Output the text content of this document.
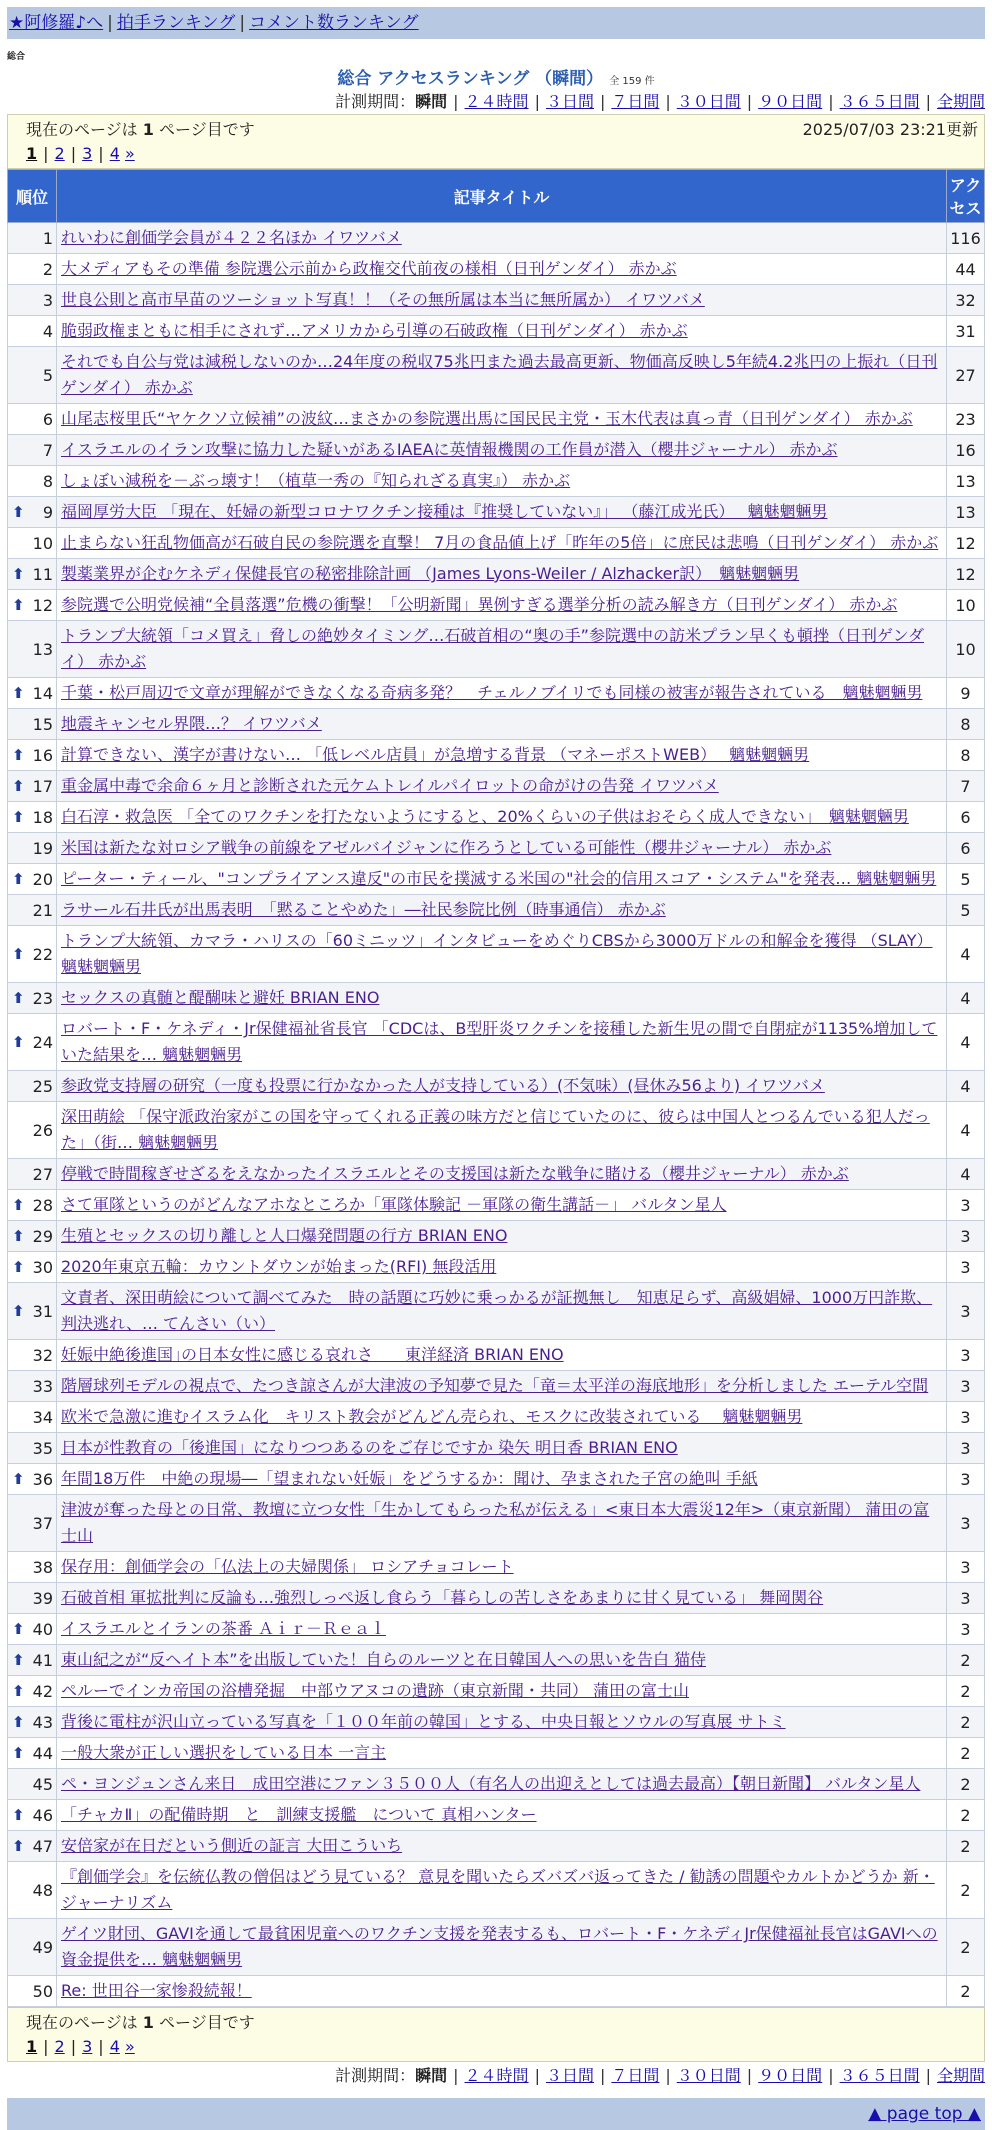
★阿修羅♪へ | 拍手ランキング | コメント数ランキング
総合
総合 アクセスランキング （瞬間） 全 159 件
計測期間：瞬間 | ２４時間 | ３日間 | ７日間 | ３０日間 | ９０日間 | ３６５日間 | 全期間
現在のページは 1 ページ目です	2025/07/03 23:21更新
1 | 2 | 3 | 4 »
順位	記事タイトル	アクセス
1	れいわに創価学会員が４２２名ほか イワツバメ	116
2	大メディアもその準備 参院選公示前から政権交代前夜の様相（日刊ゲンダイ） 赤かぶ	44
3	世良公則と高市早苗のツーショット写真！！（その無所属は本当に無所属か） イワツバメ	32
4	脆弱政権まともに相手にされず…アメリカから引導の石破政権（日刊ゲンダイ） 赤かぶ	31
5	それでも自公与党は減税しないのか…24年度の税収75兆円また過去最高更新、物価高反映し5年続4.2兆円の上振れ（日刊ゲンダイ） 赤かぶ	27
6	山尾志桜里氏“ヤケクソ立候補”の波紋…まさかの参院選出馬に国民民主党・玉木代表は真っ青（日刊ゲンダイ） 赤かぶ	23
7	イスラエルのイラン攻撃に協力した疑いがあるIAEAに英情報機関の工作員が潜入（櫻井ジャーナル） 赤かぶ	16
8	しょぼい減税を－ぶっ壊す！（植草一秀の『知られざる真実』） 赤かぶ	13

⬆ 9	福岡厚労大臣 「現在、妊婦の新型コロナワクチン接種は『推奨していない』」 （藤江成光氏）　 魑魅魍魎男	13
10	止まらない狂乱物価高が石破自民の参院選を直撃！ 7月の食品値上げ「昨年の5倍」に庶民は悲鳴（日刊ゲンダイ） 赤かぶ	12

⬆ 11	製薬業界が企むケネディ保健長官の秘密排除計画 （James Lyons-Weiler / Alzhacker訳）　魑魅魍魎男	12

⬆ 12	参院選で公明党候補“全員落選”危機の衝撃！「公明新聞」異例すぎる選挙分析の読み解き方（日刊ゲンダイ） 赤かぶ	10
13	トランプ大統領「コメ買え」脅しの絶妙タイミング…石破首相の“奥の手”参院選中の訪米プラン早くも頓挫（日刊ゲンダイ） 赤かぶ	10

⬆ 14	千葉・松戸周辺で文章が理解ができなくなる奇病多発？　チェルノブイリでも同様の被害が報告されている　魑魅魍魎男	9
15	地震キャンセル界隈…？ イワツバメ	8

⬆ 16	計算できない、漢字が書けない… 「低レベル店員」が急増する背景 （マネーポストWEB）　 魑魅魍魎男	8

⬆ 17	重金属中毒で余命６ヶ月と診断された元ケムトレイルパイロットの命がけの告発 イワツバメ	7

⬆ 18	白石淳・救急医 「全てのワクチンを打たないようにすると、20%くらいの子供はおそらく成人できない」　魑魅魍魎男	6
19	米国は新たな対ロシア戦争の前線をアゼルバイジャンに作ろうとしている可能性（櫻井ジャーナル） 赤かぶ	6

⬆ 20	ピーター・ティール、"コンプライアンス違反"の市民を撲滅する米国の"社会的信用スコア・システム"を発表… 魑魅魍魎男	5
21	ラサール石井氏が出馬表明　「黙ることやめた」―社民参院比例（時事通信） 赤かぶ	5

⬆ 22	トランプ大統領、カマラ・ハリスの「60ミニッツ」インタビューをめぐりCBSから3000万ドルの和解金を獲得 （SLAY） 魑魅魍魎男	4

⬆ 23	セックスの真髄と醍醐味と避妊 BRIAN ENO	4

⬆ 24	ロバート・F・ケネディ・Jr保健福祉省長官 「CDCは、B型肝炎ワクチンを接種した新生児の間で自閉症が1135%増加していた結果を… 魑魅魍魎男	4
25	参政党支持層の研究（一度も投票に行かなかった人が支持している）(不気味）(昼休み56より) イワツバメ	4
26	深田萌絵 「保守派政治家がこの国を守ってくれる正義の味方だと信じていたのに、彼らは中国人とつるんでいる犯人だった」（街… 魑魅魍魎男	4
27	停戦で時間稼ぎせざるをえなかったイスラエルとその支援国は新たな戦争に賭ける（櫻井ジャーナル） 赤かぶ	4

⬆ 28	さて軍隊というのがどんなアホなところか「軍隊体験記 －軍隊の衛生講話－」 バルタン星人	3

⬆ 29	生殖とセックスの切り離しと人口爆発問題の行方 BRIAN ENO	3

⬆ 30	2020年東京五輪：カウントダウンが始まった(RFI) 無段活用	3

⬆ 31	文責者、深田萌絵について調べてみた　時の話題に巧妙に乗っかるが証拠無し　知恵足らず、高級娼婦、1000万円詐欺、判決逃れ、… てんさい（い）	3
32	妊娠中絶後進国｣の日本女性に感じる哀れさ　　東洋経済 BRIAN ENO	3
33	階層球列モデルの視点で、たつき諒さんが大津波の予知夢で見た「竜＝太平洋の海底地形」を分析しました エーテル空間	3
34	欧米で急激に進むイスラム化　キリスト教会がどんどん売られ、モスクに改装されている　 魑魅魍魎男	3
35	日本が性教育の「後進国」になりつつあるのをご存じですか 染矢 明日香 BRIAN ENO	3

⬆ 36	年間18万件　中絶の現場―「望まれない妊娠」をどうするか：聞け、孕まされた子宮の絶叫 手紙	3
37	津波が奪った母との日常、教壇に立つ女性「生かしてもらった私が伝える」<東日本大震災12年>（東京新聞） 蒲田の富士山	3
38	保存用：創価学会の「仏法上の夫婦関係」 ロシアチョコレート	3
39	石破首相 軍拡批判に反論も…強烈しっぺ返し食らう「暮らしの苦しさをあまりに甘く見ている」 舞岡関谷	3

⬆ 40	イスラエルとイランの茶番 Ａｉｒ－Ｒｅａｌ	3

⬆ 41	東山紀之が“反ヘイト本”を出版していた！自らのルーツと在日韓国人への思いを告白 猫侍	2

⬆ 42	ペルーでインカ帝国の浴槽発掘　中部ウアヌコの遺跡（東京新聞・共同） 蒲田の富士山	2

⬆ 43	背後に電柱が沢山立っている写真を「１００年前の韓国」とする、中央日報とソウルの写真展 サトミ	2

⬆ 44	一般大衆が正しい選択をしている日本 一言主	2
45	ペ・ヨンジュンさん来日　成田空港にファン３５００人（有名人の出迎えとしては過去最高）【朝日新聞】 バルタン星人	2

⬆ 46	「チャカⅡ」の配備時期　と　訓練支援艦　について 真相ハンター	2

⬆ 47	安倍家が在日だという側近の証言 大田こういち	2
48	『創価学会』を伝統仏教の僧侶はどう見ている？ 意見を聞いたらズバズバ返ってきた / 勧誘の問題やカルトかどうか 新・ジャーナリズム	2
49	ゲイツ財団、GAVIを通して最貧困児童へのワクチン支援を発表するも、ロバート・F・ケネディJr保健福祉長官はGAVIへの資金提供を… 魑魅魍魎男	2
50	Re: 世田谷一家惨殺続報！	2
現在のページは 1 ページ目です
1 | 2 | 3 | 4 »
計測期間：瞬間 | ２４時間 | ３日間 | ７日間 | ３０日間 | ９０日間 | ３６５日間 | 全期間
▲ page top ▲
